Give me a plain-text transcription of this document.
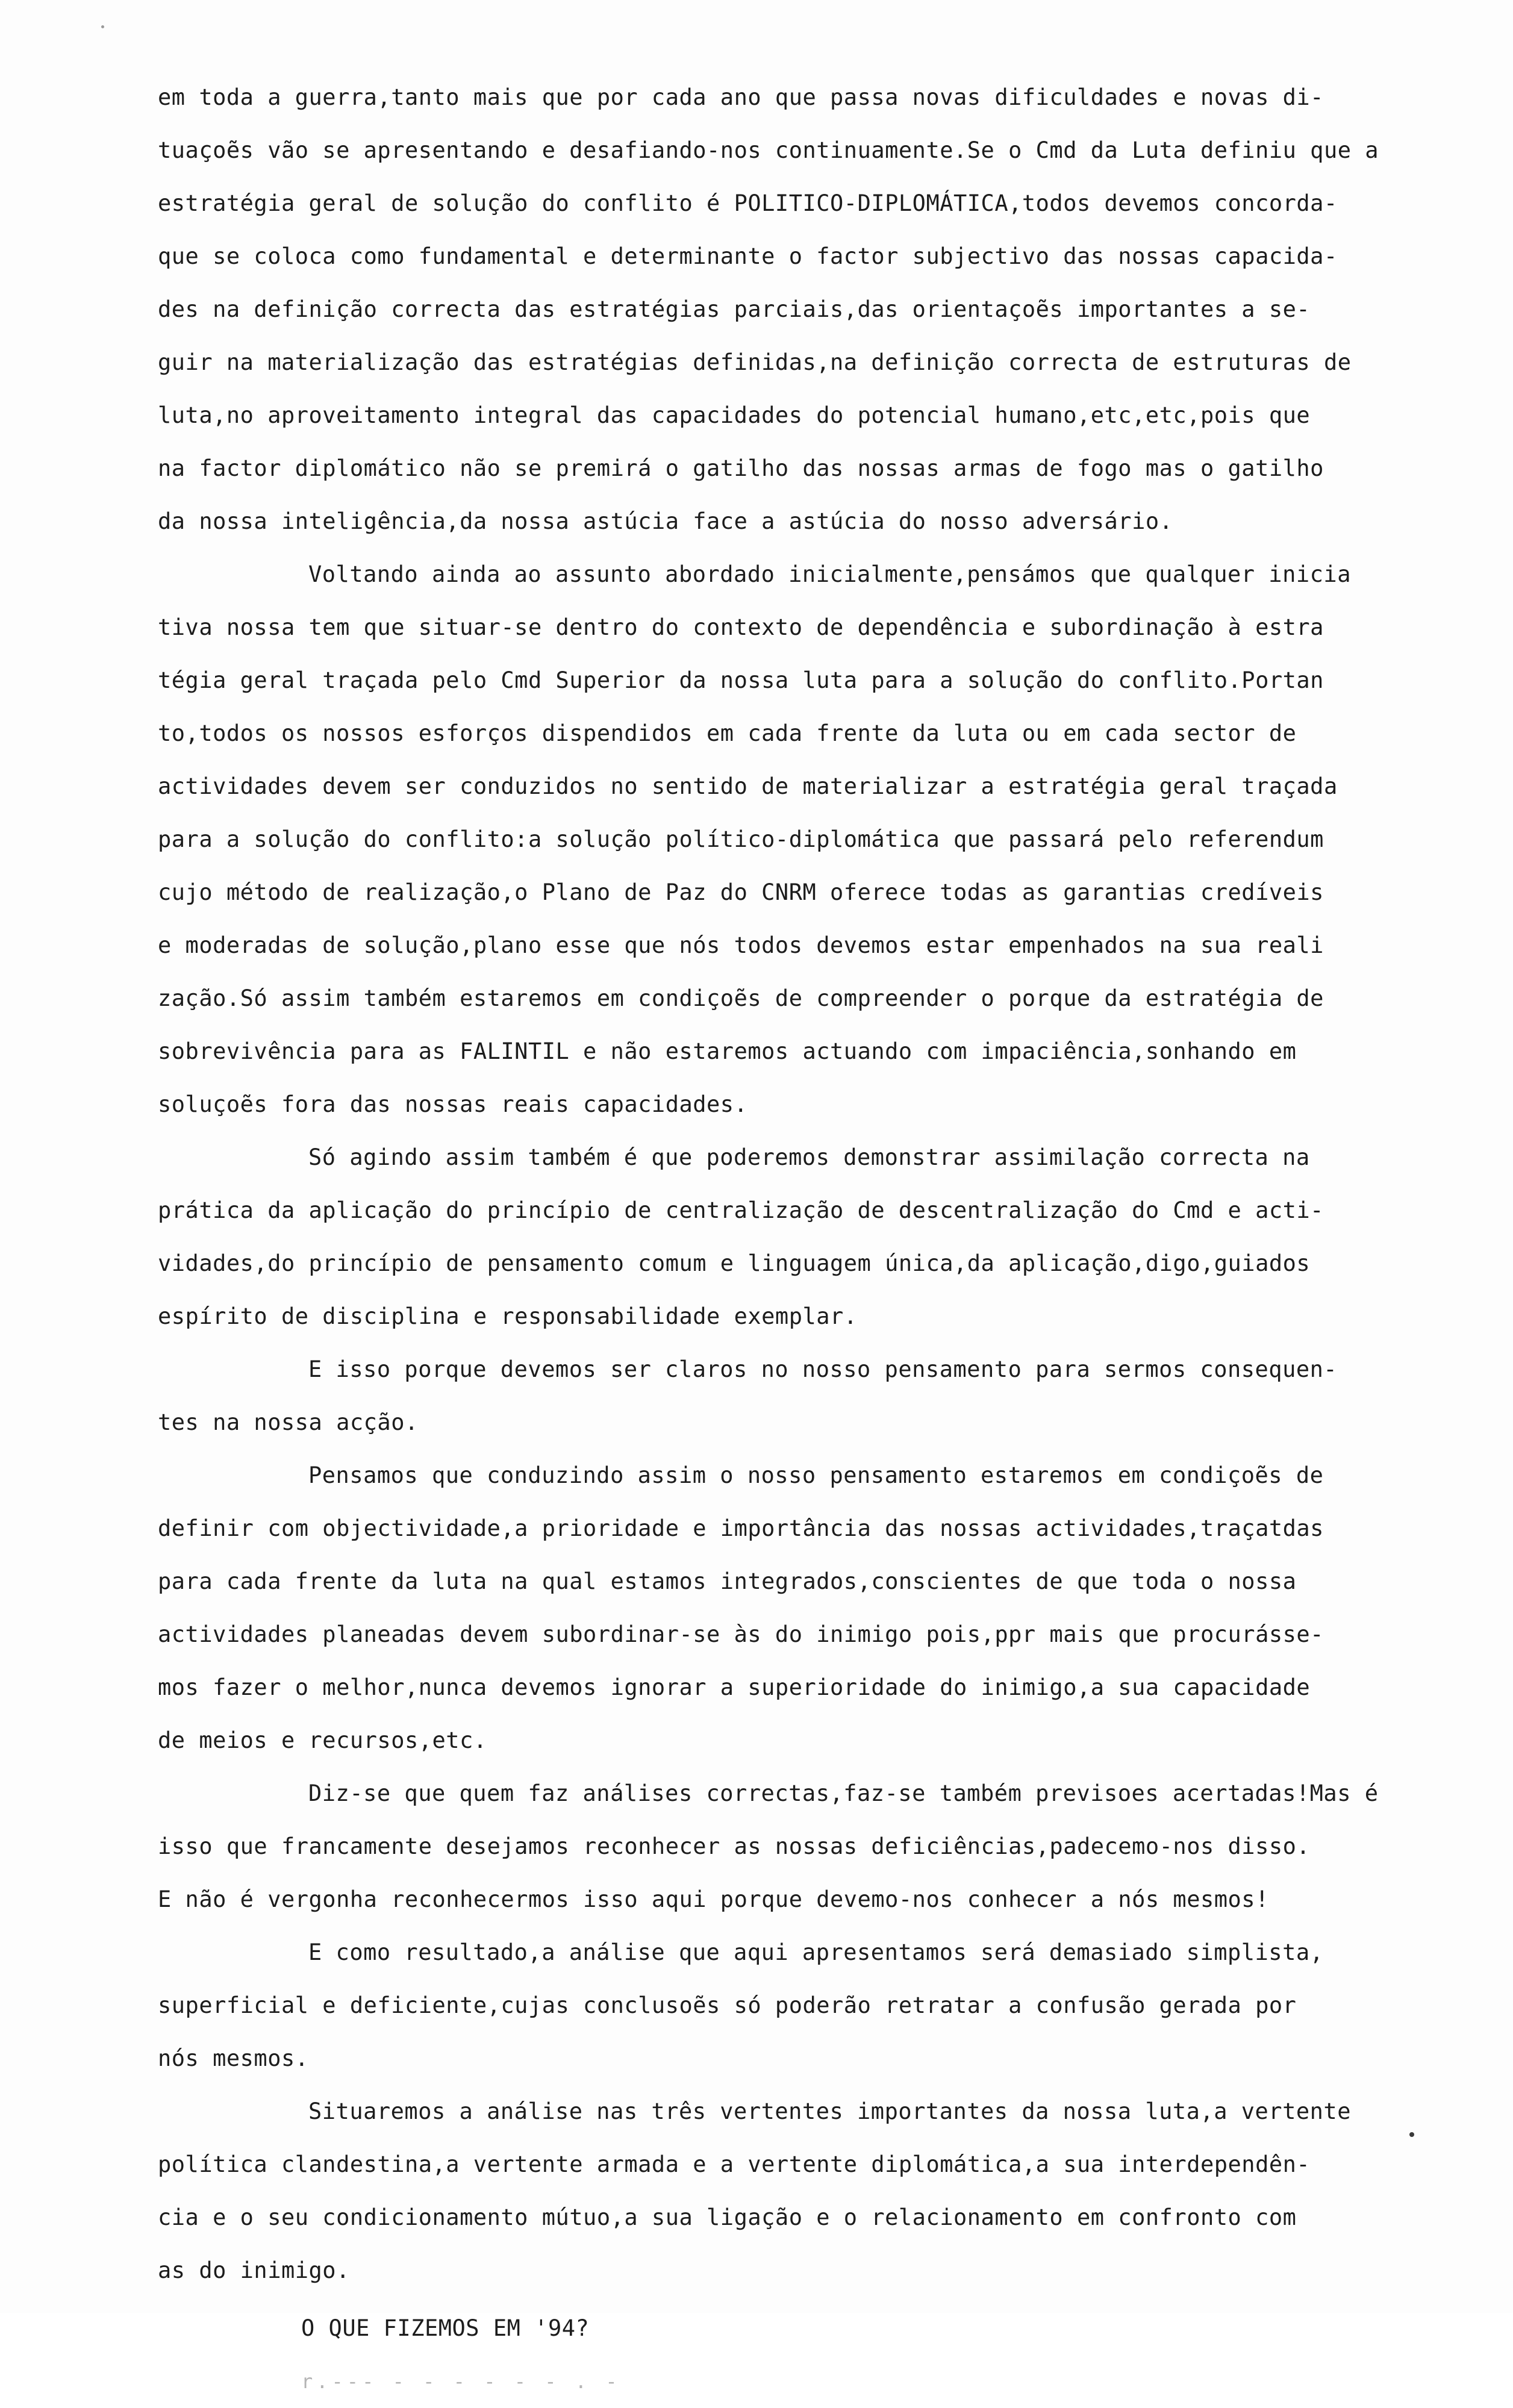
em toda a guerra,tanto mais que por cada ano que passa novas dificuldades e novas di-
tuaçoẽs vão se apresentando e desafiando-nos continuamente.Se o Cmd da Luta definiu que a
estratégia geral de solução do conflito é POLITICO-DIPLOMÁTICA,todos devemos concorda-
que se coloca como fundamental e determinante o factor subjectivo das nossas capacida-
des na definição correcta das estratégias parciais,das orientaçoẽs importantes a se-
guir na materialização das estratégias definidas,na definição correcta de estruturas de
luta,no aproveitamento integral das capacidades do potencial humano,etc,etc,pois que
na factor diplomático não se premirá o gatilho das nossas armas de fogo mas o gatilho
da nossa inteligência,da nossa astúcia face a astúcia do nosso adversário.
Voltando ainda ao assunto abordado inicialmente,pensámos que qualquer inicia
tiva nossa tem que situar-se dentro do contexto de dependência e subordinação à estra
tégia geral traçada pelo Cmd Superior da nossa luta para a solução do conflito.Portan
to,todos os nossos esforços dispendidos em cada frente da luta ou em cada sector de
actividades devem ser conduzidos no sentido de materializar a estratégia geral traçada
para a solução do conflito:a solução político-diplomática que passará pelo referendum
cujo método de realização,o Plano de Paz do CNRM oferece todas as garantias credíveis
e moderadas de solução,plano esse que nós todos devemos estar empenhados na sua reali
zação.Só assim também estaremos em condiçoẽs de compreender o porque da estratégia de
sobrevivência para as FALINTIL e não estaremos actuando com impaciência,sonhando em
soluçoẽs fora das nossas reais capacidades.
Só agindo assim também é que poderemos demonstrar assimilação correcta na
prática da aplicação do princípio de centralização de descentralização do Cmd e acti-
vidades,do princípio de pensamento comum e linguagem única,da aplicação,digo,guiados
espírito de disciplina e responsabilidade exemplar.
E isso porque devemos ser claros no nosso pensamento para sermos consequen-
tes na nossa acção.
Pensamos que conduzindo assim o nosso pensamento estaremos em condiçoẽs de
definir com objectividade,a prioridade e importância das nossas actividades,traçatdas
para cada frente da luta na qual estamos integrados,conscientes de que toda o nossa
actividades planeadas devem subordinar-se às do inimigo pois,ppr mais que procurásse-
mos fazer o melhor,nunca devemos ignorar a superioridade do inimigo,a sua capacidade
de meios e recursos,etc.
Diz-se que quem faz análises correctas,faz-se também previsoes acertadas!Mas é
isso que francamente desejamos reconhecer as nossas deficiências,padecemo-nos disso.
E não é vergonha reconhecermos isso aqui porque devemo-nos conhecer a nós mesmos!
E como resultado,a análise que aqui apresentamos será demasiado simplista,
superficial e deficiente,cujas conclusoẽs só poderão retratar a confusão gerada por
nós mesmos.
Situaremos a análise nas três vertentes importantes da nossa luta,a vertente
política clandestina,a vertente armada e a vertente diplomática,a sua interdependên-
cia e o seu condicionamento mútuo,a sua ligação e o relacionamento em confronto com
as do inimigo.
O QUE FIZEMOS EM '94?
r.--- - - - - - - . -
